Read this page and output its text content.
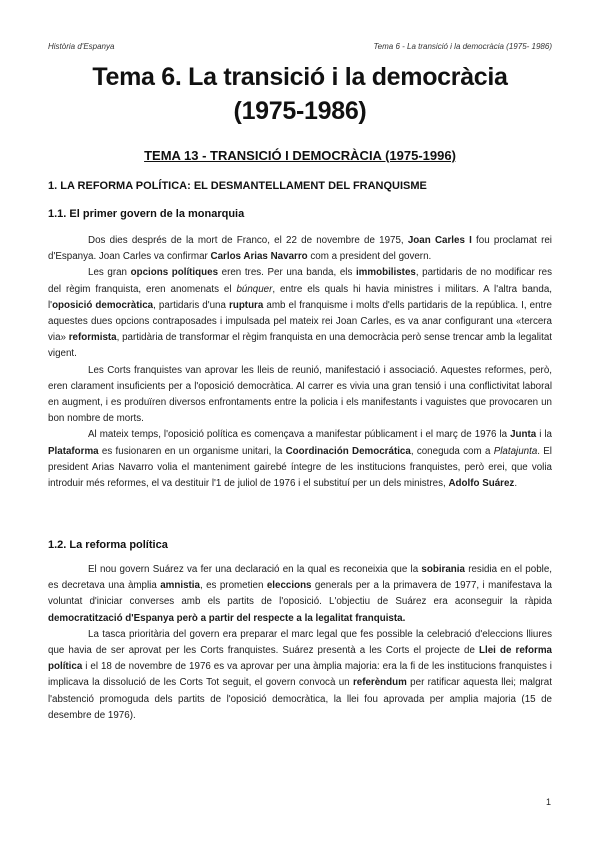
Història d'Espanya	Tema 6 - La transició i la democràcia (1975- 1986)
Tema 6. La transició i la democràcia
(1975-1986)
TEMA 13 - TRANSICIÓ I DEMOCRÀCIA (1975-1996)
1. LA REFORMA POLÍTICA: EL DESMANTELLAMENT DEL FRANQUISME
1.1. El primer govern de la monarquia

Dos dies després de la mort de Franco, el 22 de novembre de 1975, Joan Carles I fou proclamat rei d'Espanya. Joan Carles va confirmar Carlos Arias Navarro com a president del govern.

Les gran opcions polítiques eren tres. Per una banda, els immobilistes, partidaris de no modificar res del règim franquista, eren anomenats el búnquer, entre els quals hi havia ministres i militars. A l'altra banda, l'oposició democràtica, partidaris d'una ruptura amb el franquisme i molts d'ells partidaris de la república. I, entre aquestes dues opcions contraposades i impulsada pel mateix rei Joan Carles, es va anar configurant una «tercera via» reformista, partidària de transformar el règim franquista en una democràcia però sense trencar amb la legalitat vigent.

Les Corts franquistes van aprovar les lleis de reunió, manifestació i associació. Aquestes reformes, però, eren clarament insuficients per a l'oposició democràtica. Al carrer es vivia una gran tensió i una conflictivitat laboral en augment, i es produïren diversos enfrontaments entre la policia i els manifestants i vaguistes que provocaren un bon nombre de morts.

Al mateix temps, l'oposició política es començava a manifestar públicament i el març de 1976 la Junta i la Plataforma es fusionaren en un organisme unitari, la Coordinación Democrática, coneguda com a Platajunta. El president Arias Navarro volia el manteniment gairebé íntegre de les institucions franquistes, però erei, que volia introduir més reformes, el va destituir l'1 de juliol de 1976 i el substituí per un dels ministres, Adolfo Suárez.

1.2. La reforma política

El nou govern Suárez va fer una declaració en la qual es reconeixia que la sobirania residia en el poble, es decretava una àmplia amnistia, es prometien eleccions generals per a la primavera de 1977, i manifestava la voluntat d'iniciar converses amb els partits de l'oposició. L'objectiu de Suárez era aconseguir la ràpida democratització d'Espanya però a partir del respecte a la legalitat franquista.

La tasca prioritària del govern era preparar el marc legal que fes possible la celebració d'eleccions lliures que havia de ser aprovat per les Corts franquistes. Suárez presentà a les Corts el projecte de Llei de reforma política i el 18 de novembre de 1976 es va aprovar per una àmplia majoria: era la fi de les institucions franquistes i implicava la dissolució de les Corts Tot seguit, el govern convocà un referèndum per ratificar aquesta llei; malgrat l'abstenció promoguda dels partits de l'oposició democràtica, la llei fou aprovada per amplia majoria (15 de desembre de 1976).

1
